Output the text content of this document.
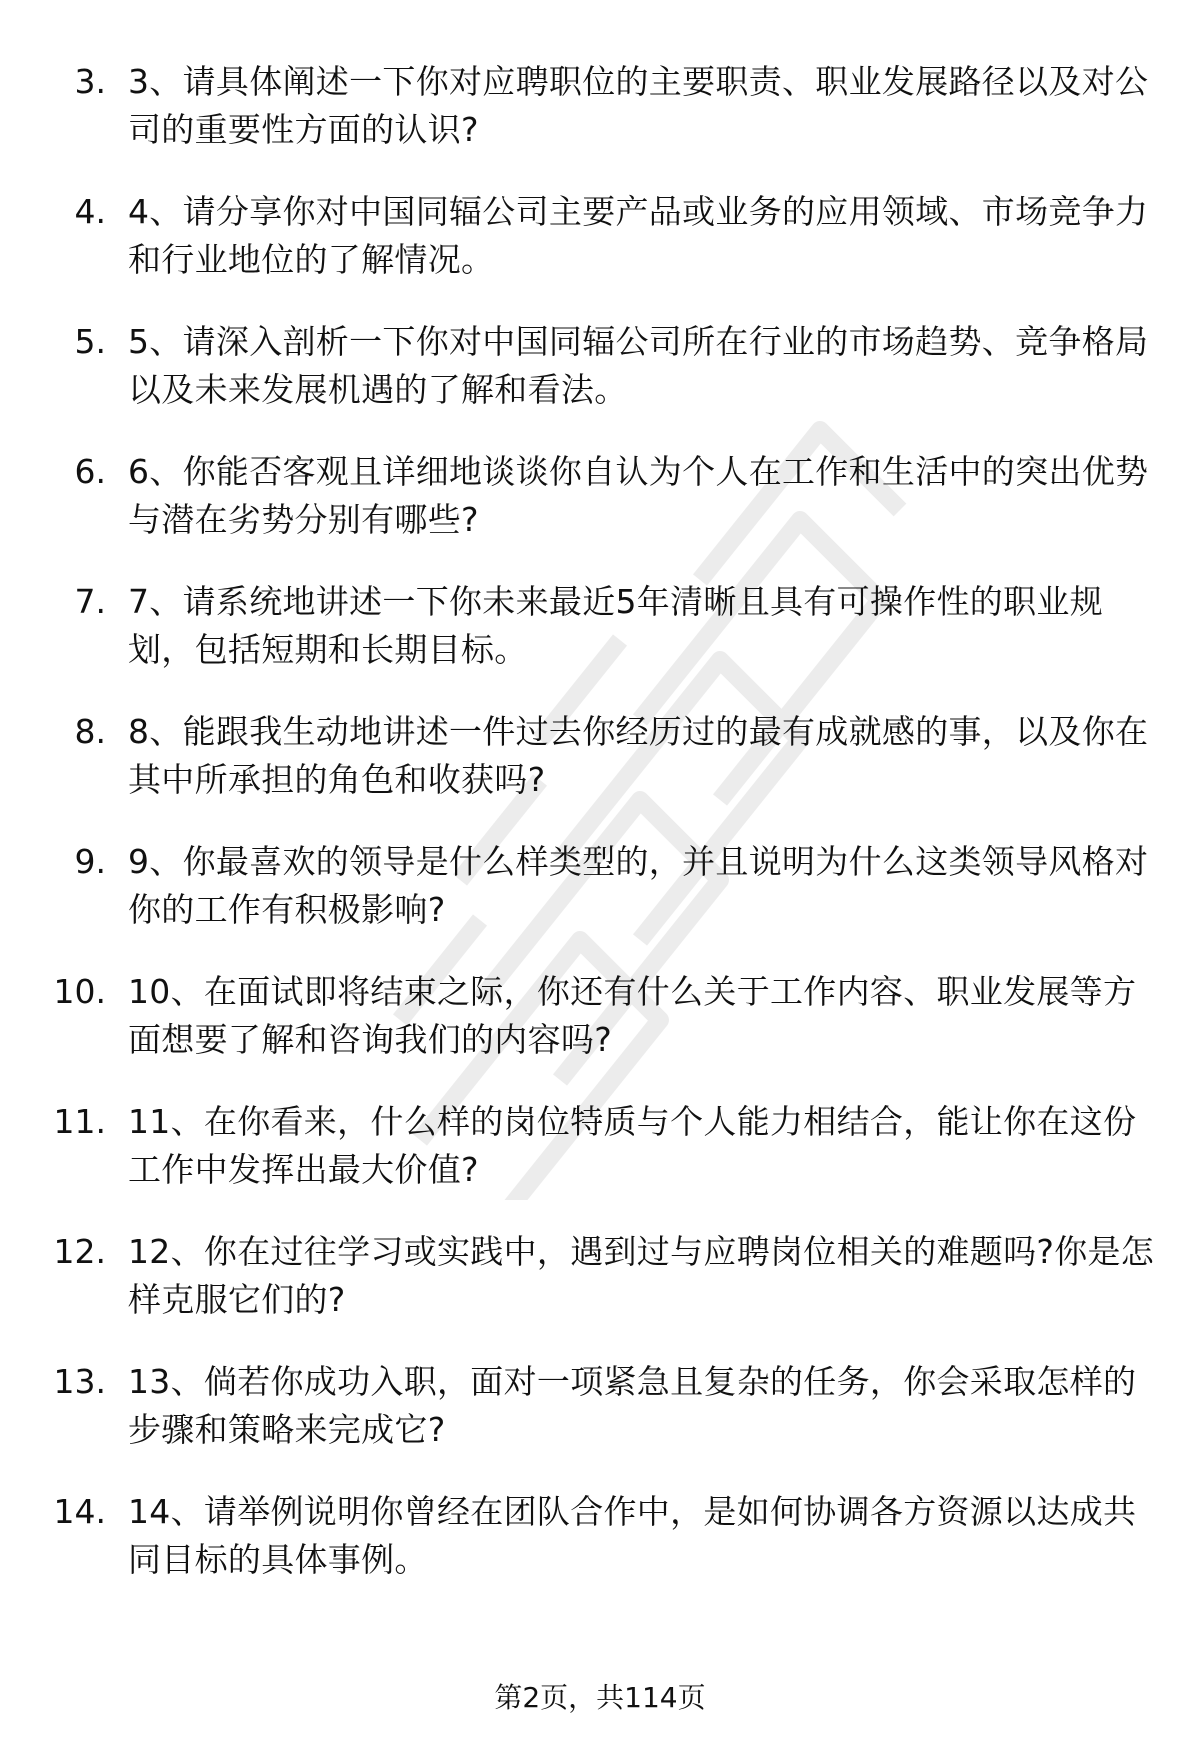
3. 3、请具体阐述一下你对应聘职位的主要职责、职业发展路径以及对公司的重要性方面的认识?
4. 4、请分享你对中国同辐公司主要产品或业务的应用领域、市场竞争力和行业地位的了解情况。
5. 5、请深入剖析一下你对中国同辐公司所在行业的市场趋势、竞争格局以及未来发展机遇的了解和看法。
6. 6、你能否客观且详细地谈谈你自认为个人在工作和生活中的突出优势与潜在劣势分别有哪些?
7. 7、请系统地讲述一下你未来最近5年清晰且具有可操作性的职业规划，包括短期和长期目标。
8. 8、能跟我生动地讲述一件过去你经历过的最有成就感的事，以及你在其中所承担的角色和收获吗?
9. 9、你最喜欢的领导是什么样类型的，并且说明为什么这类领导风格对你的工作有积极影响?
10. 10、在面试即将结束之际，你还有什么关于工作内容、职业发展等方面想要了解和咨询我们的内容吗?
11. 11、在你看来，什么样的岗位特质与个人能力相结合，能让你在这份工作中发挥出最大价值?
12. 12、你在过往学习或实践中，遇到过与应聘岗位相关的难题吗?你是怎样克服它们的?
13. 13、倘若你成功入职，面对一项紧急且复杂的任务，你会采取怎样的步骤和策略来完成它?
14. 14、请举例说明你曾经在团队合作中，是如何协调各方资源以达成共同目标的具体事例。
第2页，共114页
